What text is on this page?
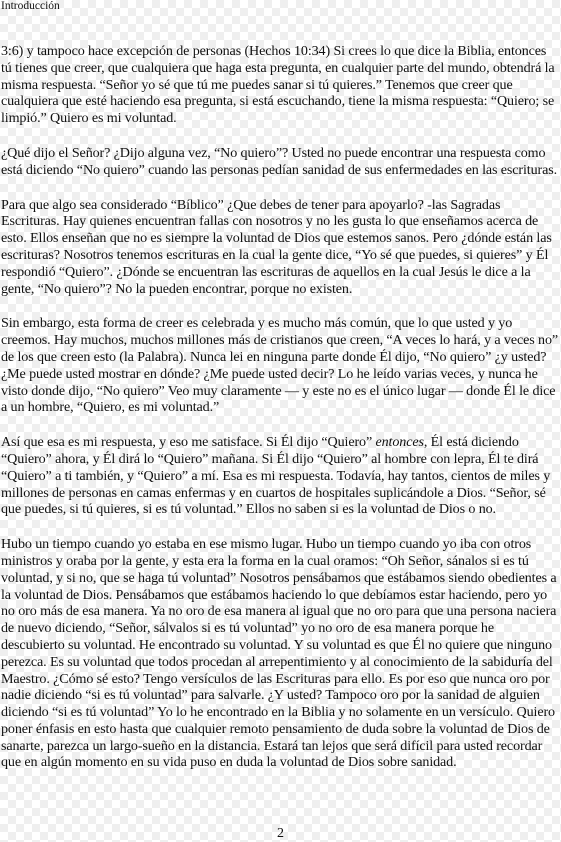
Introducción

3:6) y tampoco hace excepción de personas (Hechos 10:34) Si crees lo que dice la Biblia, entonces tú tienes que creer, que cualquiera que haga esta pregunta, en cualquier parte del mundo, obtendrá la misma respuesta. “Señor yo sé que tú me puedes sanar si tú quieres.” Tenemos que creer que cualquiera que esté haciendo esa pregunta, si está escuchando, tiene la misma respuesta: “Quiero; se limpió.” Quiero es mi voluntad.

¿Qué dijo el Señor? ¿Dijo alguna vez, “No quiero”? Usted no puede encontrar una respuesta como está diciendo “No quiero” cuando las personas pedían sanidad de sus enfermedades en las escrituras.

Para que algo sea considerado “Bíblico” ¿Que debes de tener para apoyarlo? -las Sagradas Escrituras. Hay quienes encuentran fallas con nosotros y no les gusta lo que enseñamos acerca de esto. Ellos enseñan que no es siempre la voluntad de Dios que estemos sanos. Pero ¿dónde están las escrituras? Nosotros tenemos escrituras en la cual la gente dice, “Yo sé que puedes, si quieres” y Él respondió “Quiero”. ¿Dónde se encuentran las escrituras de aquellos en la cual Jesús le dice a la gente, “No quiero”? No la pueden encontrar, porque no existen.

Sin embargo, esta forma de creer es celebrada y es mucho más común, que lo que usted y yo creemos. Hay muchos, muchos millones más de cristianos que creen, “A veces lo hará, y a veces no” de los que creen esto (la Palabra). Nunca lei en ninguna parte donde Él dijo, “No quiero” ¿y usted? ¿Me puede usted mostrar en dónde? ¿Me puede usted decir? Lo he leído varias veces, y nunca he visto donde dijo, “No quiero” Veo muy claramente — y este no es el único lugar — donde Él le dice a un hombre, “Quiero, es mi voluntad.”

Así que esa es mi respuesta, y eso me satisface. Si Él dijo “Quiero” entonces, Él está diciendo “Quiero” ahora, y Él dirá lo “Quiero” mañana. Si Él dijo “Quiero” al hombre con lepra, Él te dirá “Quiero” a ti también, y “Quiero” a mí. Esa es mi respuesta. Todavía, hay tantos, cientos de miles y millones de personas en camas enfermas y en cuartos de hospitales suplicándole a Dios. “Señor, sé que puedes, si tú quieres, si es tú voluntad.” Ellos no saben si es la voluntad de Dios o no.

Hubo un tiempo cuando yo estaba en ese mismo lugar. Hubo un tiempo cuando yo iba con otros ministros y oraba por la gente, y esta era la forma en la cual oramos: “Oh Señor, sánalos si es tú voluntad, y si no, que se haga tú voluntad” Nosotros pensábamos que estábamos siendo obedientes a la voluntad de Dios. Pensábamos que estábamos haciendo lo que debíamos estar haciendo, pero yo no oro más de esa manera. Ya no oro de esa manera al igual que no oro para que una persona naciera de nuevo diciendo, “Señor, sálvalos si es tú voluntad” yo no oro de esa manera porque he descubierto su voluntad. He encontrado su voluntad. Y su voluntad es que Él no quiere que ninguno perezca. Es su voluntad que todos procedan al arrepentimiento y al conocimiento de la sabiduría del Maestro. ¿Cómo sé esto? Tengo versículos de las Escrituras para ello. Es por eso que nunca oro por nadie diciendo “si es tú voluntad” para salvarle. ¿Y usted? Tampoco oro por la sanidad de alguien diciendo “si es tú voluntad” Yo lo he encontrado en la Biblia y no solamente en un versículo. Quiero poner énfasis en esto hasta que cualquier remoto pensamiento de duda sobre la voluntad de Dios de sanarte, parezca un largo-sueño en la distancia. Estará tan lejos que será difícil para usted recordar que en algún momento en su vida puso en duda la voluntad de Dios sobre sanidad.

2
